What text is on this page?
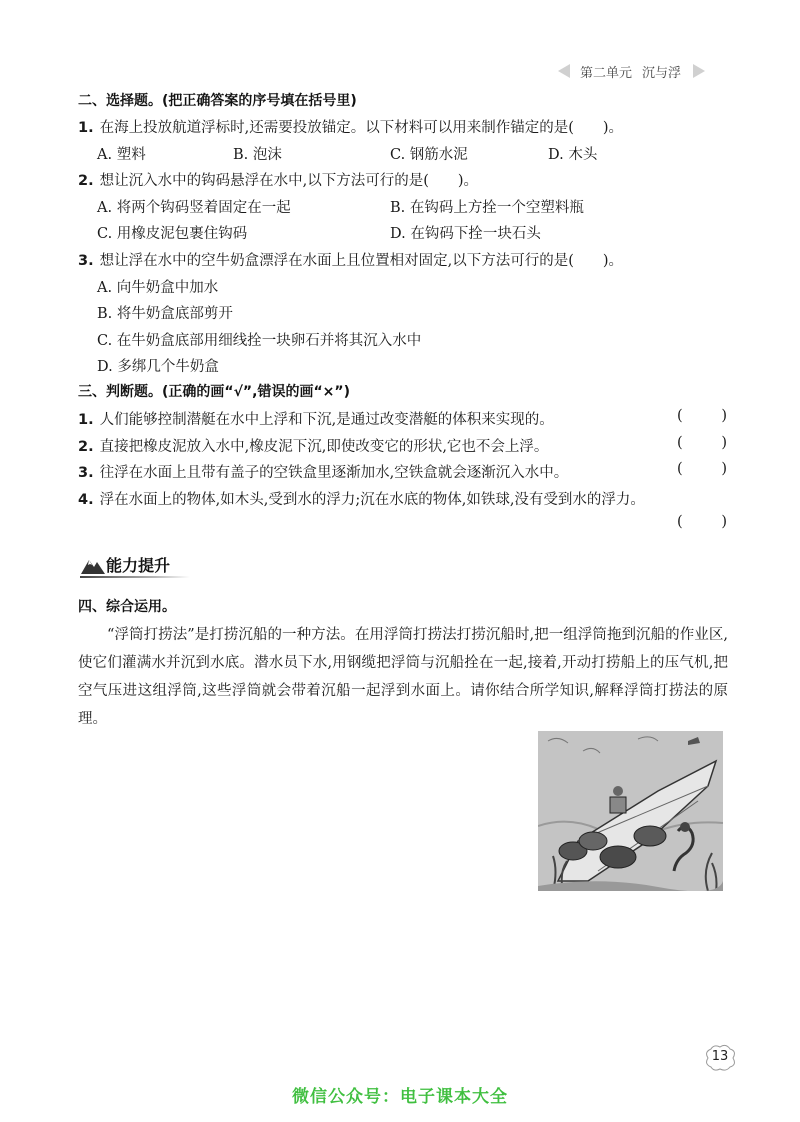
第二单元 沉与浮
二、选择题。(把正确答案的序号填在括号里)
1. 在海上投放航道浮标时,还需要投放锚定。以下材料可以用来制作锚定的是(　　)。
A. 塑料	B. 泡沫	C. 钢筋水泥	D. 木头
2. 想让沉入水中的钩码悬浮在水中,以下方法可行的是(　　)。
A. 将两个钩码竖着固定在一起	B. 在钩码上方拴一个空塑料瓶
C. 用橡皮泥包裹住钩码	D. 在钩码下拴一块石头
3. 想让浮在水中的空牛奶盒漂浮在水面上且位置相对固定,以下方法可行的是(　　)。
A. 向牛奶盒中加水
B. 将牛奶盒底部剪开
C. 在牛奶盒底部用细线拴一块卵石并将其沉入水中
D. 多绑几个牛奶盒
三、判断题。(正确的画“√”,错误的画“×”)
1. 人们能够控制潜艇在水中上浮和下沉,是通过改变潜艇的体积来实现的。	(	)
2. 直接把橡皮泥放入水中,橡皮泥下沉,即使改变它的形状,它也不会上浮。	(	)
3. 往浮在水面上且带有盖子的空铁盒里逐渐加水,空铁盒就会逐渐沉入水中。	(	)
4. 浮在水面上的物体,如木头,受到水的浮力;沉在水底的物体,如铁球,没有受到水的浮力。
(	)
能力提升
四、综合运用。
“浮筒打捞法”是打捞沉船的一种方法。在用浮筒打捞法打捞沉船时,把一组浮筒拖到沉船的作业区,使它们灌满水并沉到水底。潜水员下水,用钢缆把浮筒与沉船拴在一起,接着,开动打捞船上的压气机,把空气压进这组浮筒,这些浮筒就会带着沉船一起浮到水面上。请你结合所学知识,解释浮筒打捞法的原理。
13
微信公众号：电子课本大全
